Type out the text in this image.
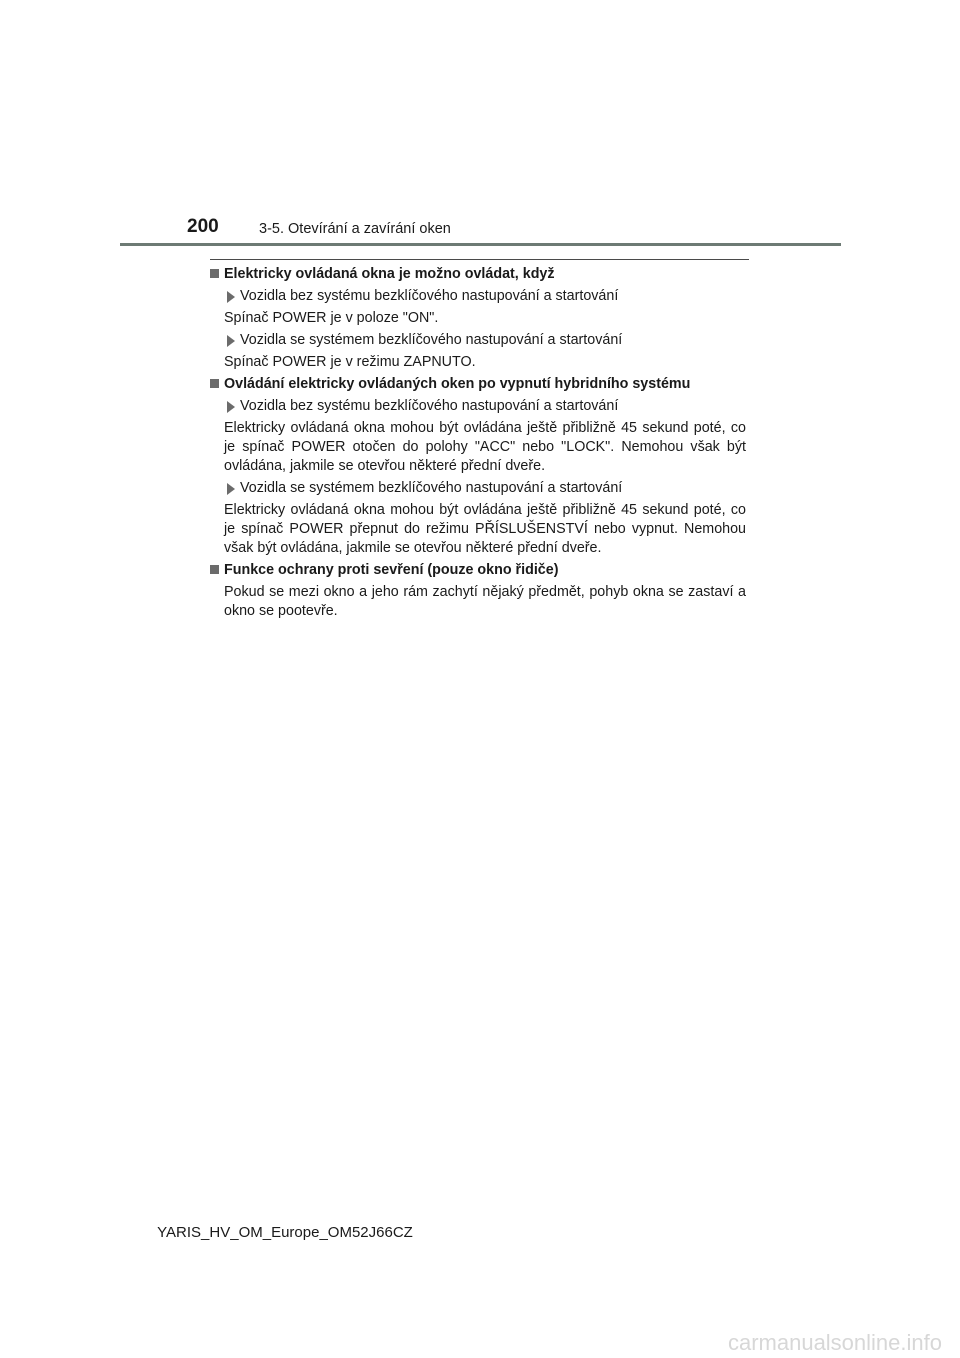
200	3-5. Otevírání a zavírání oken
Elektricky ovládaná okna je možno ovládat, když
Vozidla bez systému bezklíčového nastupování a startování
Spínač POWER je v poloze "ON".
Vozidla se systémem bezklíčového nastupování a startování
Spínač POWER je v režimu ZAPNUTO.
Ovládání elektricky ovládaných oken po vypnutí hybridního systému
Vozidla bez systému bezklíčového nastupování a startování
Elektricky ovládaná okna mohou být ovládána ještě přibližně 45 sekund poté, co je spínač POWER otočen do polohy "ACC" nebo "LOCK". Nemohou však být ovládána, jakmile se otevřou některé přední dveře.
Vozidla se systémem bezklíčového nastupování a startování
Elektricky ovládaná okna mohou být ovládána ještě přibližně 45 sekund poté, co je spínač POWER přepnut do režimu PŘÍSLUŠENSTVÍ nebo vypnut. Nemohou však být ovládána, jakmile se otevřou některé přední dveře.
Funkce ochrany proti sevření (pouze okno řidiče)
Pokud se mezi okno a jeho rám zachytí nějaký předmět, pohyb okna se zastaví a okno se pootevře.
YARIS_HV_OM_Europe_OM52J66CZ
carmanualsonline.info
